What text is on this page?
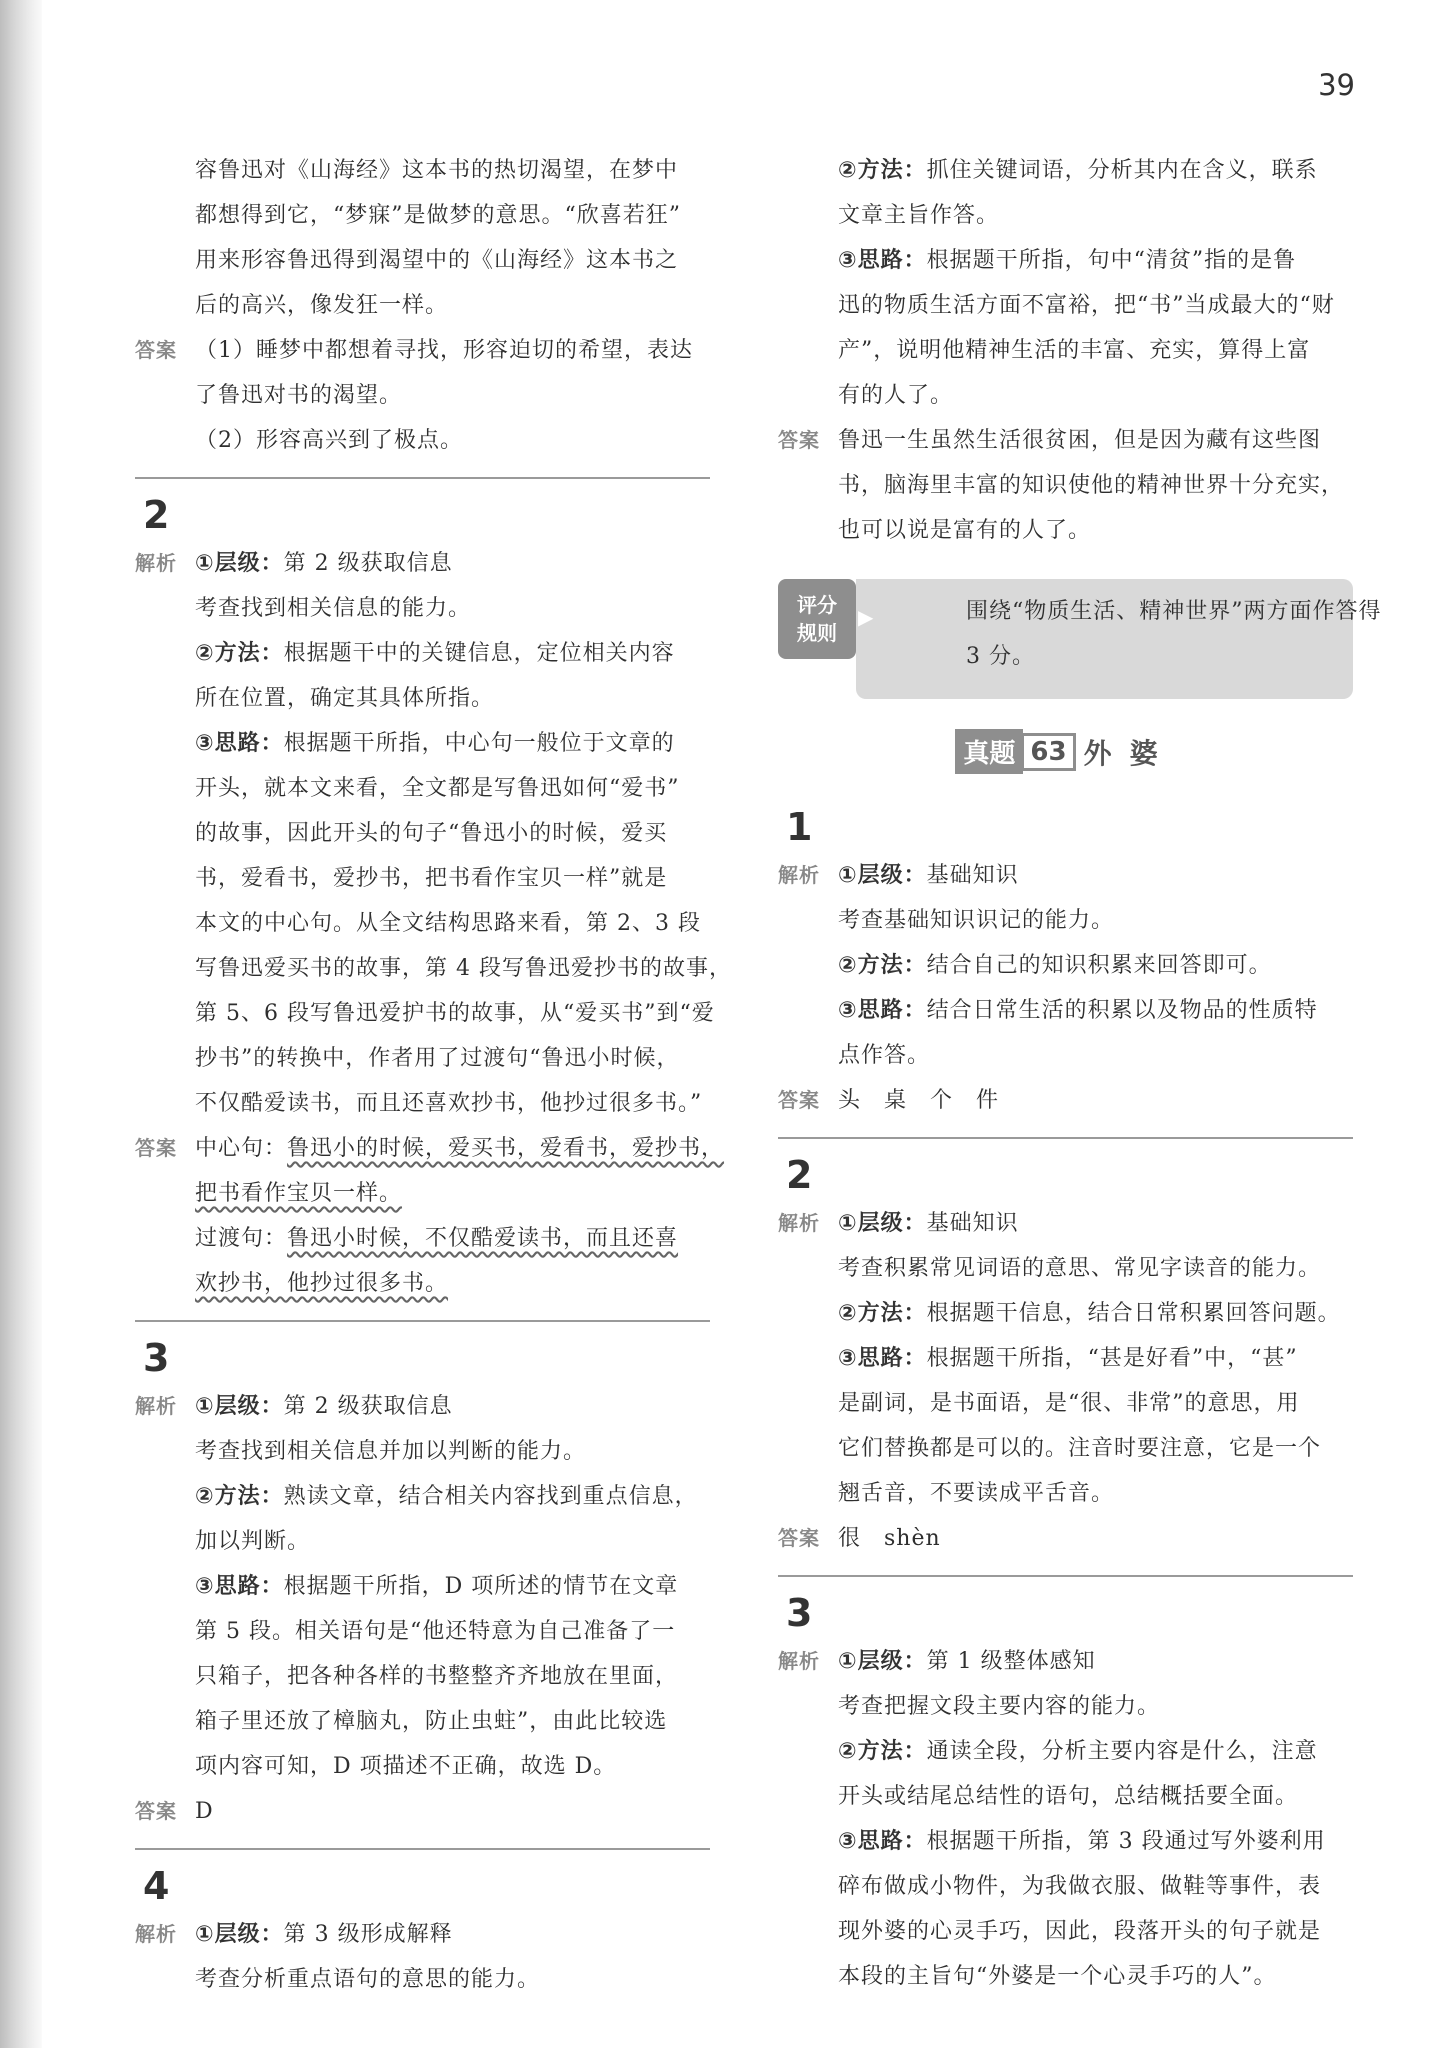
39

容鲁迅对《山海经》这本书的热切渴望，在梦中

都想得到它，“梦寐”是做梦的意思。“欣喜若狂”

用来形容鲁迅得到渴望中的《山海经》这本书之

后的高兴，像发狂一样。

答案 （1）睡梦中都想着寻找，形容迫切的希望，表达

了鲁迅对书的渴望。

（2）形容高兴到了极点。

2

解析 ①层级：第 2 级获取信息

考查找到相关信息的能力。

②方法：根据题干中的关键信息，定位相关内容

所在位置，确定其具体所指。

③思路：根据题干所指，中心句一般位于文章的

开头，就本文来看，全文都是写鲁迅如何“爱书”

的故事，因此开头的句子“鲁迅小的时候，爱买

书，爱看书，爱抄书，把书看作宝贝一样”就是

本文的中心句。从全文结构思路来看，第 2、3 段

写鲁迅爱买书的故事，第 4 段写鲁迅爱抄书的故事，

第 5、6 段写鲁迅爱护书的故事，从“爱买书”到“爱

抄书”的转换中，作者用了过渡句“鲁迅小时候，

不仅酷爱读书，而且还喜欢抄书，他抄过很多书。”

答案 中心句：鲁迅小的时候，爱买书，爱看书，爱抄书，

把书看作宝贝一样。

过渡句：鲁迅小时候，不仅酷爱读书，而且还喜

欢抄书，他抄过很多书。

3

解析 ①层级：第 2 级获取信息

考查找到相关信息并加以判断的能力。

②方法：熟读文章，结合相关内容找到重点信息，

加以判断。

③思路：根据题干所指，D 项所述的情节在文章

第 5 段。相关语句是“他还特意为自己准备了一

只箱子，把各种各样的书整整齐齐地放在里面，

箱子里还放了樟脑丸，防止虫蛀”，由此比较选

项内容可知，D 项描述不正确，故选 D。

答案 D

4

解析 ①层级：第 3 级形成解释

考查分析重点语句的意思的能力。

②方法：抓住关键词语，分析其内在含义，联系

文章主旨作答。

③思路：根据题干所指，句中“清贫”指的是鲁

迅的物质生活方面不富裕，把“书”当成最大的“财

产”，说明他精神生活的丰富、充实，算得上富

有的人了。

答案 鲁迅一生虽然生活很贫困，但是因为藏有这些图

书，脑海里丰富的知识使他的精神世界十分充实，

也可以说是富有的人了。

围绕“物质生活、精神世界”两方面作答得

3 分。

评分
规则
▶
真题 63 外婆
1

解析 ①层级：基础知识

考查基础知识识记的能力。

②方法：结合自己的知识积累来回答即可。

③思路：结合日常生活的积累以及物品的性质特

点作答。

答案 头　桌　个　件

2

解析 ①层级：基础知识

考查积累常见词语的意思、常见字读音的能力。

②方法：根据题干信息，结合日常积累回答问题。

③思路：根据题干所指，“甚是好看”中，“甚”

是副词，是书面语，是“很、非常”的意思，用

它们替换都是可以的。注音时要注意，它是一个

翘舌音，不要读成平舌音。

答案 很　shèn

3

解析 ①层级：第 1 级整体感知

考查把握文段主要内容的能力。

②方法：通读全段，分析主要内容是什么，注意

开头或结尾总结性的语句，总结概括要全面。

③思路：根据题干所指，第 3 段通过写外婆利用

碎布做成小物件，为我做衣服、做鞋等事件，表

现外婆的心灵手巧，因此，段落开头的句子就是

本段的主旨句“外婆是一个心灵手巧的人”。
